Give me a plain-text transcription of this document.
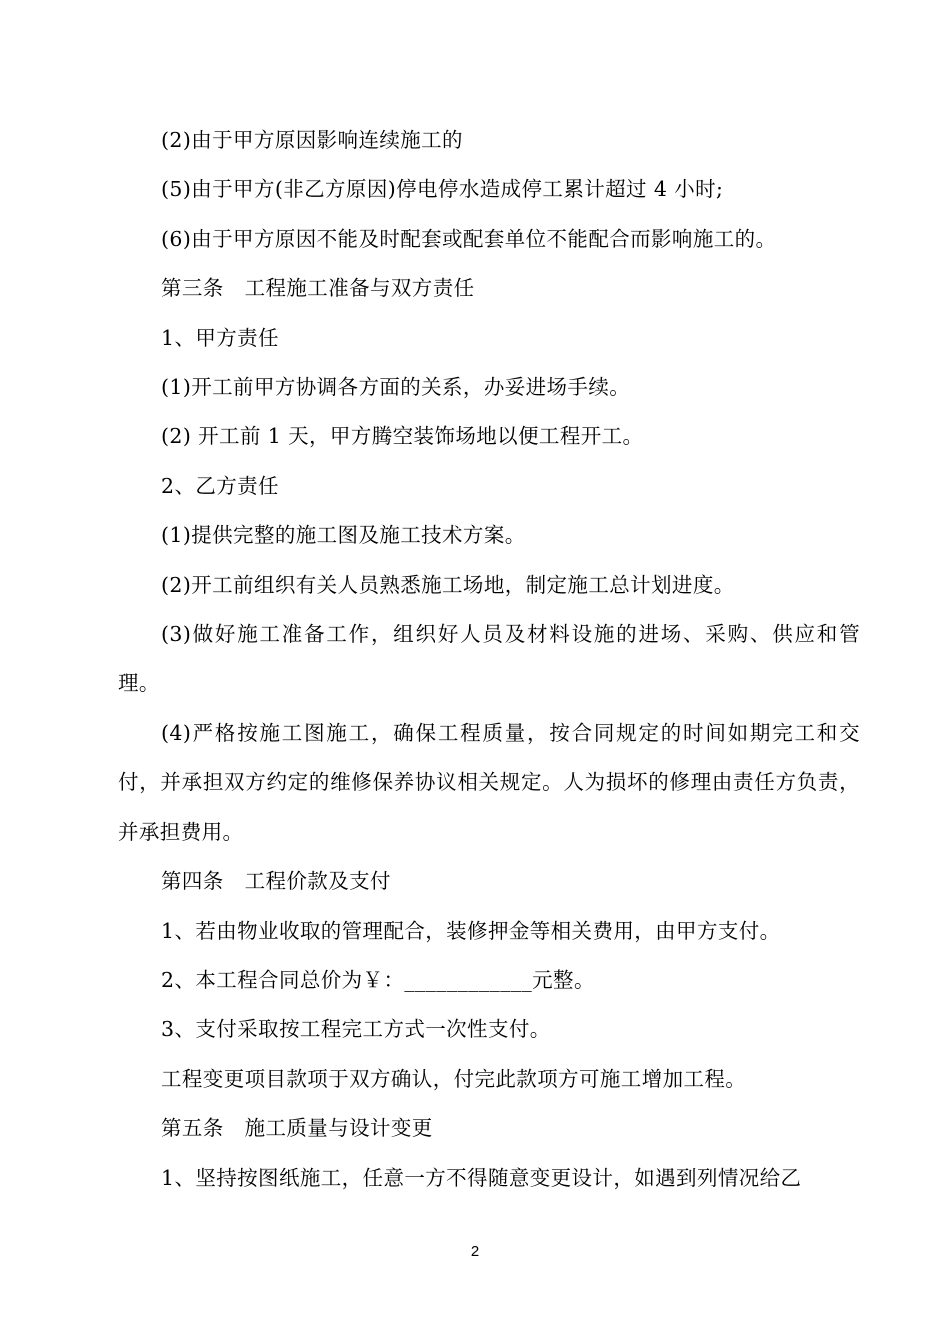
(2)由于甲方原因影响连续施工的

(5)由于甲方(非乙方原因)停电停水造成停工累计超过 4 小时;

(6)由于甲方原因不能及时配套或配套单位不能配合而影响施工的。

第三条　工程施工准备与双方责任

1、甲方责任

(1)开工前甲方协调各方面的关系，办妥进场手续。

(2) 开工前 1 天，甲方腾空装饰场地以便工程开工。

2、乙方责任

(1)提供完整的施工图及施工技术方案。

(2)开工前组织有关人员熟悉施工场地，制定施工总计划进度。

(3)做好施工准备工作，组织好人员及材料设施的进场、采购、供应和管理。

(4)严格按施工图施工，确保工程质量，按合同规定的时间如期完工和交付，并承担双方约定的维修保养协议相关规定。人为损坏的修理由责任方负责，并承担费用。

第四条　工程价款及支付

1、若由物业收取的管理配合，装修押金等相关费用，由甲方支付。

2、本工程合同总价为￥：____________元整。

3、支付采取按工程完工方式一次性支付。

工程变更项目款项于双方确认，付完此款项方可施工增加工程。

第五条　施工质量与设计变更

1、坚持按图纸施工，任意一方不得随意变更设计，如遇到列情况给乙

2
